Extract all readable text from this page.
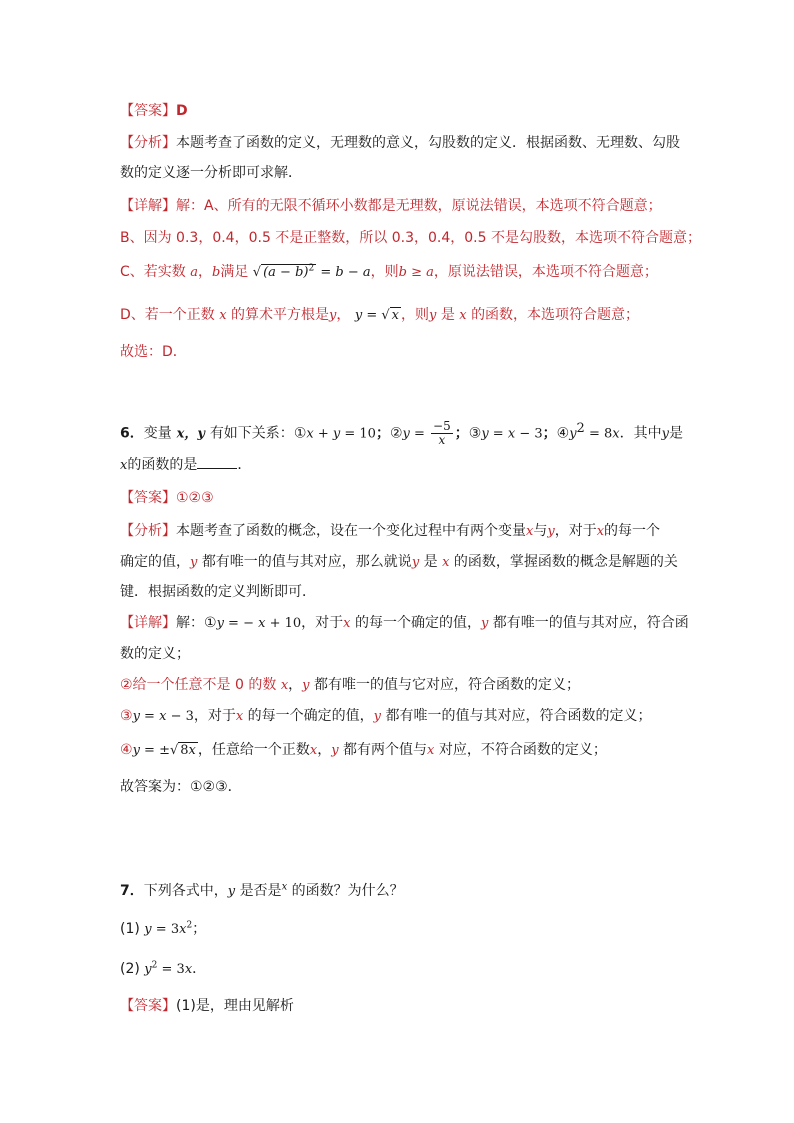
【答案】D
【分析】本题考查了函数的定义，无理数的意义，勾股数的定义．根据函数、无理数、勾股
数的定义逐一分析即可求解．
【详解】解：A、所有的无限不循环小数都是无理数，原说法错误，本选项不符合题意；
B、因为 0.3，0.4，0.5 不是正整数，所以 0.3，0.4，0.5 不是勾股数，本选项不符合题意；
C、若实数 a，b满足 √ $(a - b)^2 = b - a$，则b ≥ a，原说法错误，本选项不符合题意；
D、若一个正数 x 的算术平方根是y， y = √ x ，则y 是 x 的函数，本选项符合题意；
故选：D．
6．变量 x，y 有如下关系：①x + y = 10；②y = $\frac{-5}{x}$ ；③y = x − 3；$④y^2 = 8x$．其中y是
x的函数的是	．
【答案】①②③
【分析】本题考查了函数的概念，设在一个变化过程中有两个变量x与y，对于x的每一个
确定的值，y 都有唯一的值与其对应，那么就说y 是 x 的函数，掌握函数的概念是解题的关
键．根据函数的定义判断即可．
【详解】解：①y = − x + 10，对于x 的每一个确定的值，y 都有唯一的值与其对应，符合函
数的定义；
②给一个任意不是 0 的数 x，y 都有唯一的值与它对应，符合函数的定义；
③y = x − 3，对于x 的每一个确定的值，y 都有唯一的值与其对应，符合函数的定义；
④y = ±√ 8x ，任意给一个正数x，y 都有两个值与x 对应，不符合函数的定义；
故答案为：①②③．
7．下列各式中，y 是否是$^x$ 的函数？为什么？
(1) $y = 3x^2$；
(2) $y^2 = 3x$．
【答案】(1)是，理由见解析
